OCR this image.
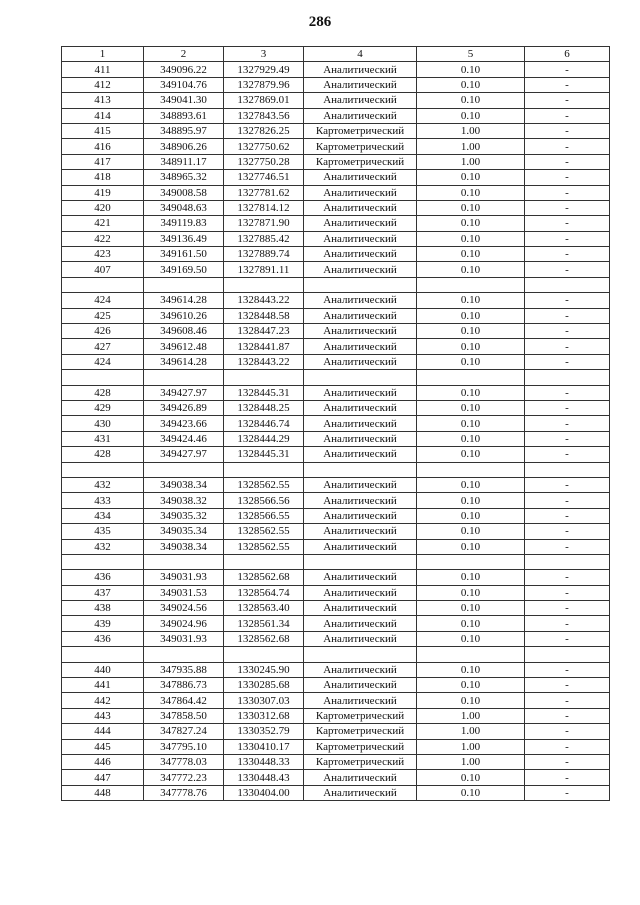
286
1	2	3	4	5	6
411	349096.22	1327929.49	Аналитический	0.10	-
412	349104.76	1327879.96	Аналитический	0.10	-
413	349041.30	1327869.01	Аналитический	0.10	-
414	348893.61	1327843.56	Аналитический	0.10	-
415	348895.97	1327826.25	Картометрический	1.00	-
416	348906.26	1327750.62	Картометрический	1.00	-
417	348911.17	1327750.28	Картометрический	1.00	-
418	348965.32	1327746.51	Аналитический	0.10	-
419	349008.58	1327781.62	Аналитический	0.10	-
420	349048.63	1327814.12	Аналитический	0.10	-
421	349119.83	1327871.90	Аналитический	0.10	-
422	349136.49	1327885.42	Аналитический	0.10	-
423	349161.50	1327889.74	Аналитический	0.10	-
407	349169.50	1327891.11	Аналитический	0.10	-

424	349614.28	1328443.22	Аналитический	0.10	-
425	349610.26	1328448.58	Аналитический	0.10	-
426	349608.46	1328447.23	Аналитический	0.10	-
427	349612.48	1328441.87	Аналитический	0.10	-
424	349614.28	1328443.22	Аналитический	0.10	-

428	349427.97	1328445.31	Аналитический	0.10	-
429	349426.89	1328448.25	Аналитический	0.10	-
430	349423.66	1328446.74	Аналитический	0.10	-
431	349424.46	1328444.29	Аналитический	0.10	-
428	349427.97	1328445.31	Аналитический	0.10	-

432	349038.34	1328562.55	Аналитический	0.10	-
433	349038.32	1328566.56	Аналитический	0.10	-
434	349035.32	1328566.55	Аналитический	0.10	-
435	349035.34	1328562.55	Аналитический	0.10	-
432	349038.34	1328562.55	Аналитический	0.10	-

436	349031.93	1328562.68	Аналитический	0.10	-
437	349031.53	1328564.74	Аналитический	0.10	-
438	349024.56	1328563.40	Аналитический	0.10	-
439	349024.96	1328561.34	Аналитический	0.10	-
436	349031.93	1328562.68	Аналитический	0.10	-

440	347935.88	1330245.90	Аналитический	0.10	-
441	347886.73	1330285.68	Аналитический	0.10	-
442	347864.42	1330307.03	Аналитический	0.10	-
443	347858.50	1330312.68	Картометрический	1.00	-
444	347827.24	1330352.79	Картометрический	1.00	-
445	347795.10	1330410.17	Картометрический	1.00	-
446	347778.03	1330448.33	Картометрический	1.00	-
447	347772.23	1330448.43	Аналитический	0.10	-
448	347778.76	1330404.00	Аналитический	0.10	-
